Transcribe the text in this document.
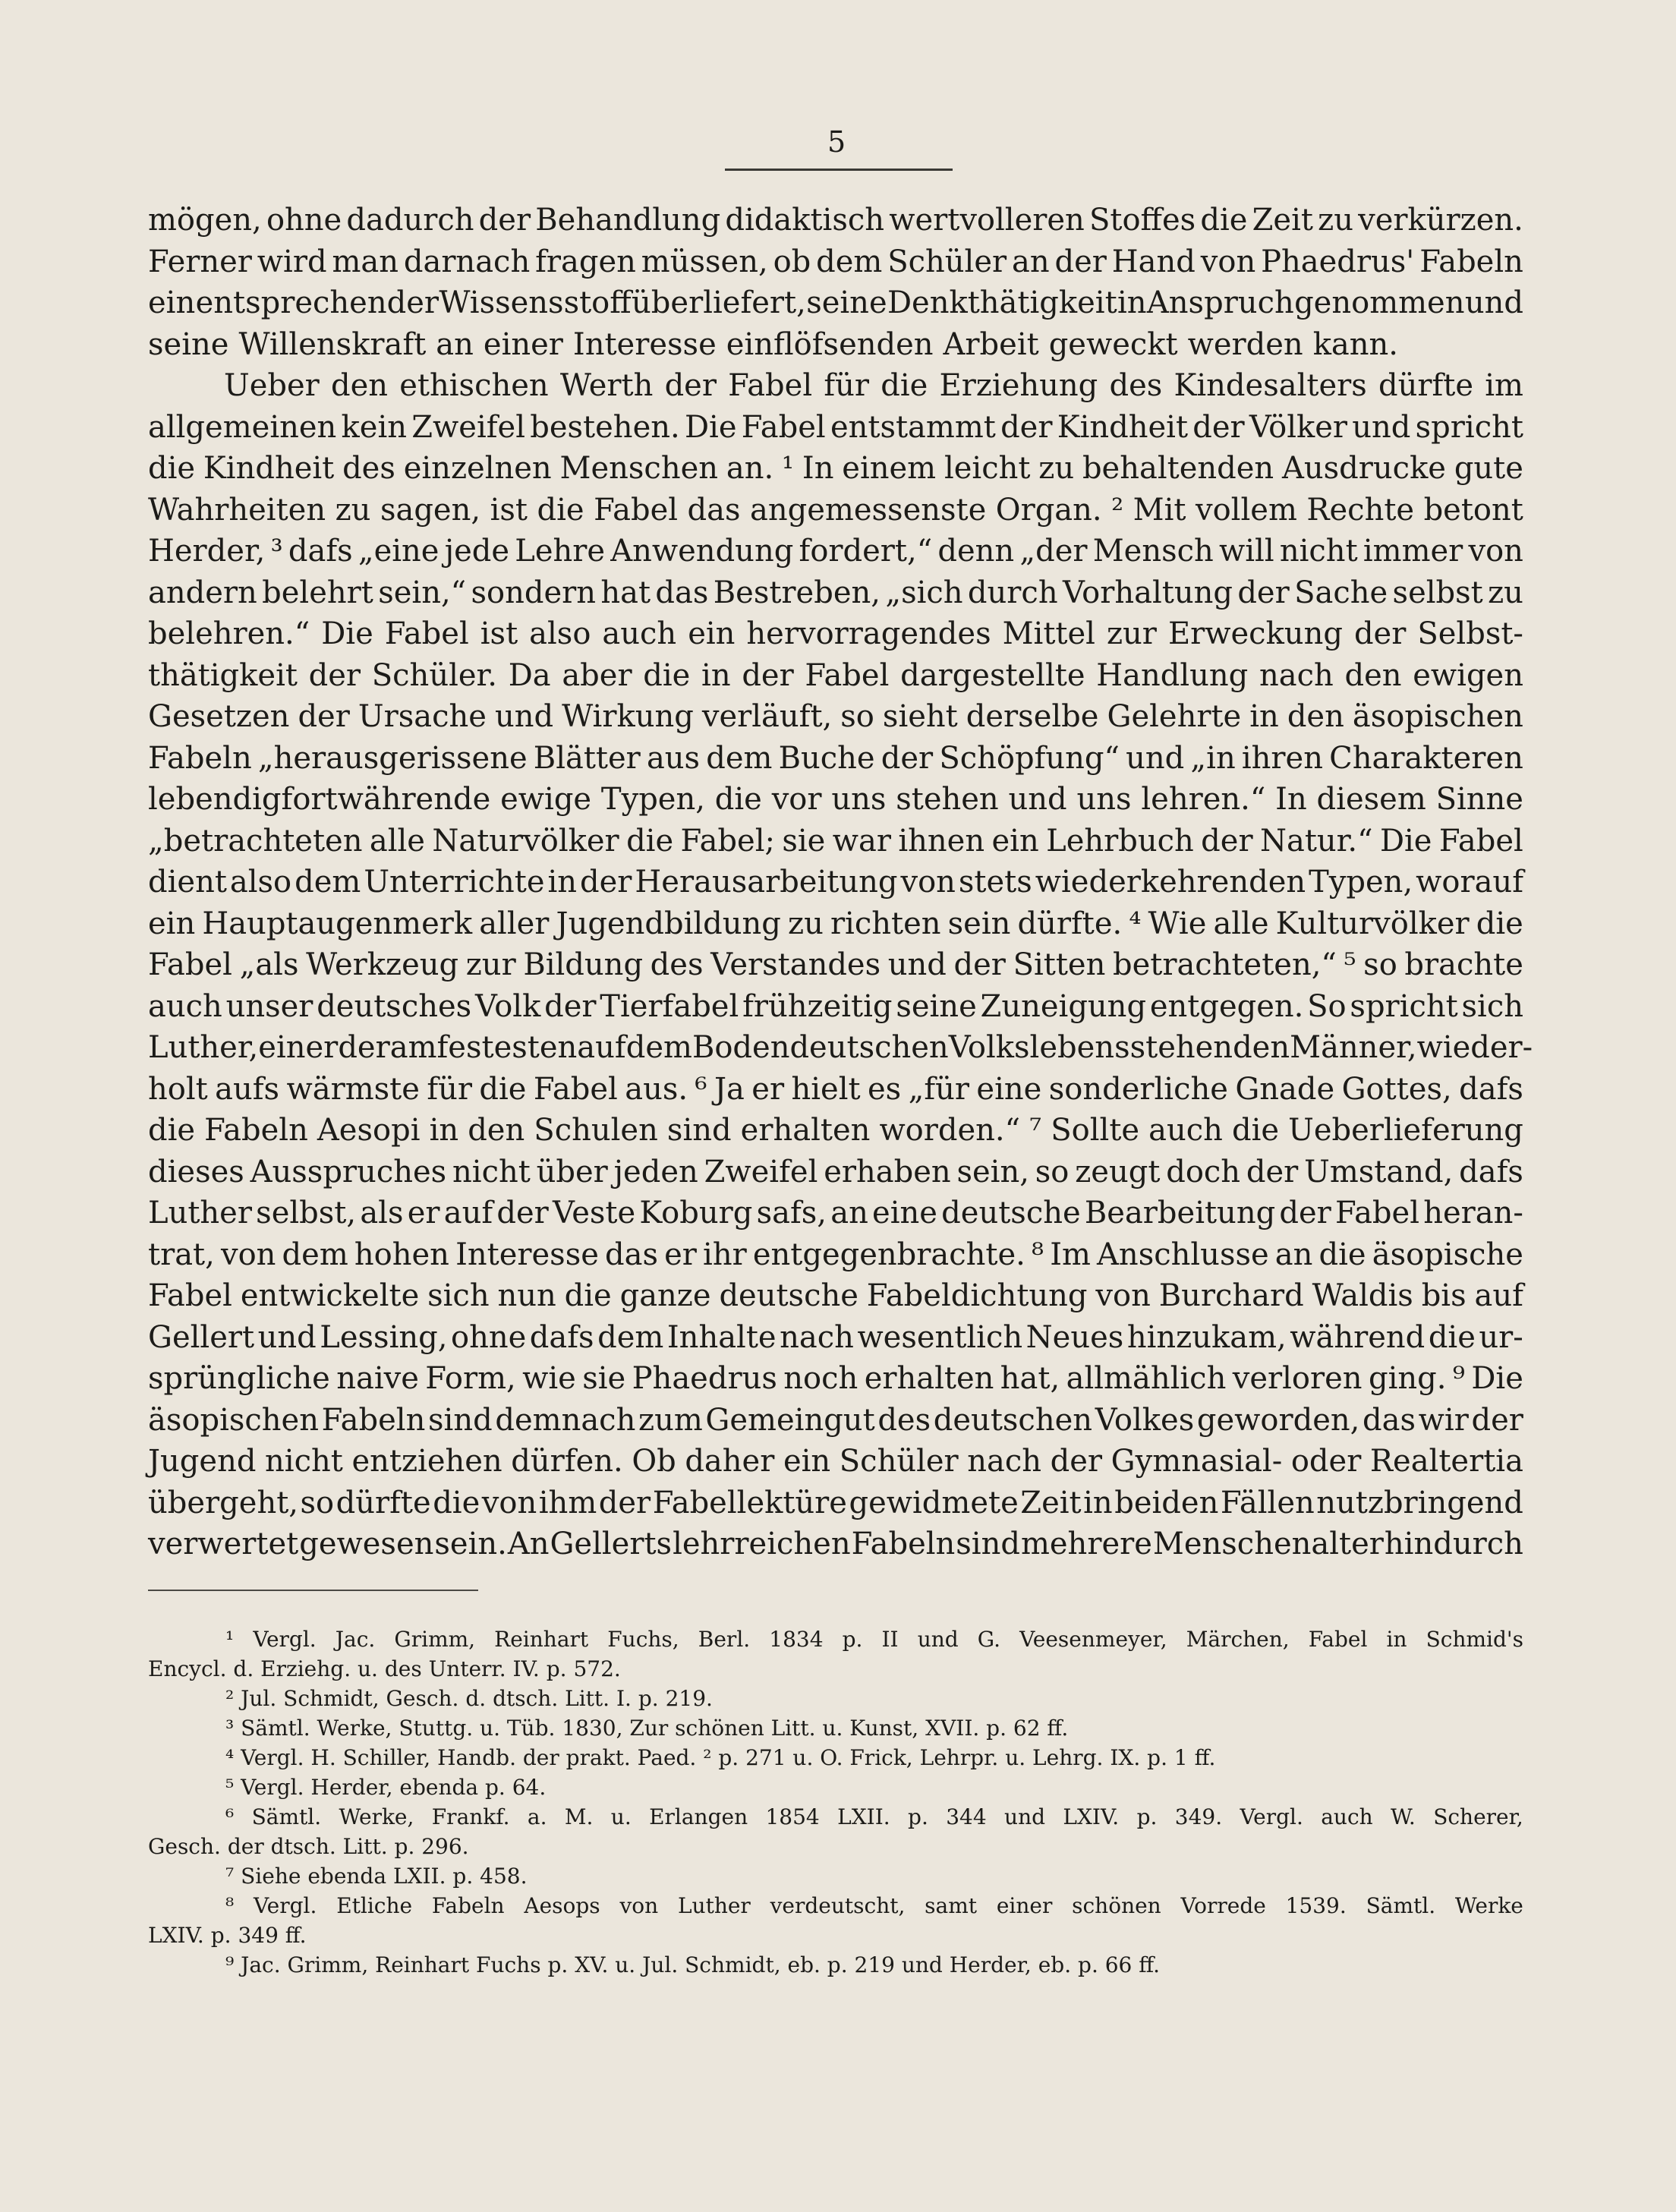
5
mögen, ohne dadurch der Behandlung didaktisch wertvolleren Stoffes die Zeit zu verkürzen.
Ferner wird man darnach fragen müssen, ob dem Schüler an der Hand von Phaedrus' Fabeln
ein entsprechender Wissensstoff überliefert, seine Denkthätigkeit in Anspruch genommen und
seine Willenskraft an einer Interesse einflöfsenden Arbeit geweckt werden kann.
Ueber den ethischen Werth der Fabel für die Erziehung des Kindesalters dürfte im
allgemeinen kein Zweifel bestehen. Die Fabel entstammt der Kindheit der Völker und spricht
die Kindheit des einzelnen Menschen an. ¹ In einem leicht zu behaltenden Ausdrucke gute
Wahrheiten zu sagen, ist die Fabel das angemessenste Organ. ² Mit vollem Rechte betont
Herder, ³ dafs „eine jede Lehre Anwendung fordert,“ denn „der Mensch will nicht immer von
andern belehrt sein,“ sondern hat das Bestreben, „sich durch Vorhaltung der Sache selbst zu
belehren.“ Die Fabel ist also auch ein hervorragendes Mittel zur Erweckung der Selbst-
thätigkeit der Schüler. Da aber die in der Fabel dargestellte Handlung nach den ewigen
Gesetzen der Ursache und Wirkung verläuft, so sieht derselbe Gelehrte in den äsopischen
Fabeln „herausgerissene Blätter aus dem Buche der Schöpfung“ und „in ihren Charakteren
lebendigfortwährende ewige Typen, die vor uns stehen und uns lehren.“ In diesem Sinne
„betrachteten alle Naturvölker die Fabel; sie war ihnen ein Lehrbuch der Natur.“ Die Fabel
dient also dem Unterrichte in der Herausarbeitung von stets wiederkehrenden Typen, worauf
ein Hauptaugenmerk aller Jugendbildung zu richten sein dürfte. ⁴ Wie alle Kulturvölker die
Fabel „als Werkzeug zur Bildung des Verstandes und der Sitten betrachteten,“ ⁵ so brachte
auch unser deutsches Volk der Tierfabel frühzeitig seine Zuneigung entgegen. So spricht sich
Luther, einer der am festesten auf dem Boden deutschen Volkslebens stehenden Männer, wieder-
holt aufs wärmste für die Fabel aus. ⁶ Ja er hielt es „für eine sonderliche Gnade Gottes, dafs
die Fabeln Aesopi in den Schulen sind erhalten worden.“ ⁷ Sollte auch die Ueberlieferung
dieses Ausspruches nicht über jeden Zweifel erhaben sein, so zeugt doch der Umstand, dafs
Luther selbst, als er auf der Veste Koburg safs, an eine deutsche Bearbeitung der Fabel heran-
trat, von dem hohen Interesse das er ihr entgegenbrachte. ⁸ Im Anschlusse an die äsopische
Fabel entwickelte sich nun die ganze deutsche Fabeldichtung von Burchard Waldis bis auf
Gellert und Lessing, ohne dafs dem Inhalte nach wesentlich Neues hinzukam, während die ur-
sprüngliche naive Form, wie sie Phaedrus noch erhalten hat, allmählich verloren ging. ⁹ Die
äsopischen Fabeln sind demnach zum Gemeingut des deutschen Volkes geworden, das wir der
Jugend nicht entziehen dürfen. Ob daher ein Schüler nach der Gymnasial- oder Realtertia
übergeht, so dürfte die von ihm der Fabellektüre gewidmete Zeit in beiden Fällen nutzbringend
verwertet gewesen sein. An Gellerts lehrreichen Fabeln sind mehrere Menschenalter hindurch
¹ Vergl. Jac. Grimm, Reinhart Fuchs, Berl. 1834 p. II und G. Veesenmeyer, Märchen, Fabel in Schmid's
Encycl. d. Erziehg. u. des Unterr. IV. p. 572.
² Jul. Schmidt, Gesch. d. dtsch. Litt. I. p. 219.
³ Sämtl. Werke, Stuttg. u. Tüb. 1830, Zur schönen Litt. u. Kunst, XVII. p. 62 ff.
⁴ Vergl. H. Schiller, Handb. der prakt. Paed. ² p. 271 u. O. Frick, Lehrpr. u. Lehrg. IX. p. 1 ff.
⁵ Vergl. Herder, ebenda p. 64.
⁶ Sämtl. Werke, Frankf. a. M. u. Erlangen 1854 LXII. p. 344 und LXIV. p. 349. Vergl. auch W. Scherer,
Gesch. der dtsch. Litt. p. 296.
⁷ Siehe ebenda LXII. p. 458.
⁸ Vergl. Etliche Fabeln Aesops von Luther verdeutscht, samt einer schönen Vorrede 1539. Sämtl. Werke
LXIV. p. 349 ff.
⁹ Jac. Grimm, Reinhart Fuchs p. XV. u. Jul. Schmidt, eb. p. 219 und Herder, eb. p. 66 ff.
